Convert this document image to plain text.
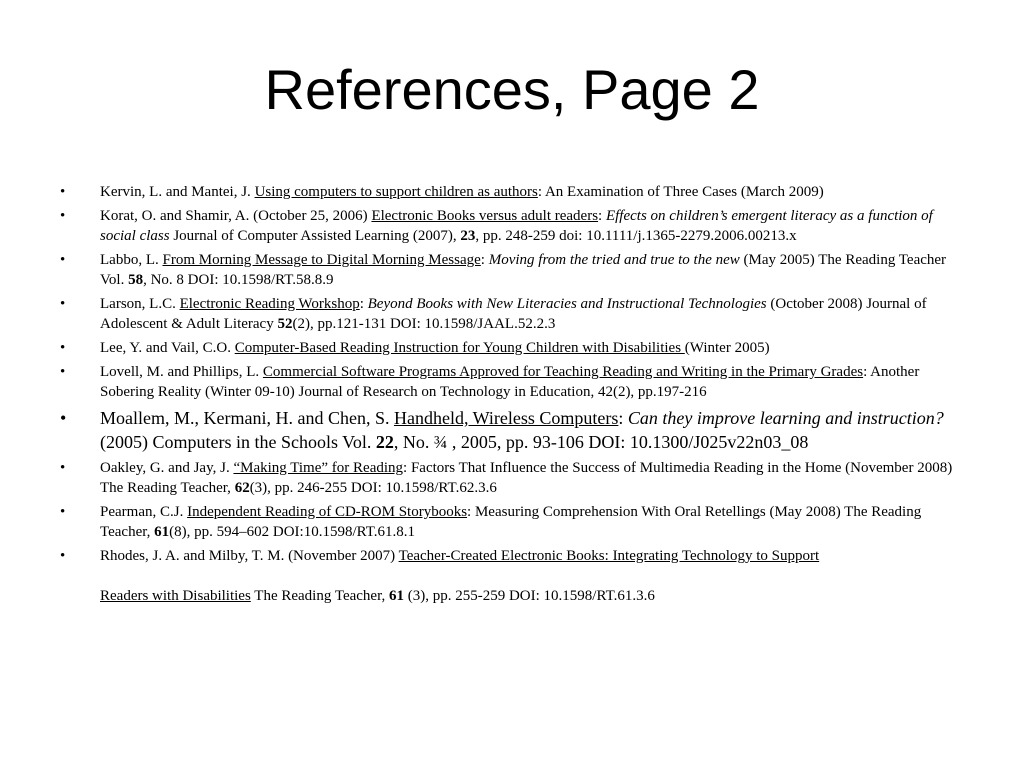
References, Page 2
• Kervin, L. and Mantei, J. Using computers to support children as authors: An Examination of Three Cases (March 2009)
• Korat, O. and Shamir, A. (October 25, 2006) Electronic Books versus adult readers: Effects on children’s emergent literacy as a function of social class Journal of Computer Assisted Learning (2007), 23, pp. 248-259 doi: 10.1111/j.1365-2279.2006.00213.x
• Labbo, L. From Morning Message to Digital Morning Message: Moving from the tried and true to the new (May 2005) The Reading Teacher Vol. 58, No. 8 DOI: 10.1598/RT.58.8.9
• Larson, L.C. Electronic Reading Workshop: Beyond Books with New Literacies and Instructional Technologies (October 2008) Journal of Adolescent & Adult Literacy 52(2), pp.121-131 DOI: 10.1598/JAAL.52.2.3
• Lee, Y. and Vail, C.O. Computer-Based Reading Instruction for Young Children with Disabilities (Winter 2005)
• Lovell, M. and Phillips, L. Commercial Software Programs Approved for Teaching Reading and Writing in the Primary Grades: Another Sobering Reality (Winter 09-10) Journal of Research on Technology in Education, 42(2), pp.197-216
• Moallem, M., Kermani, H. and Chen, S. Handheld, Wireless Computers: Can they improve learning and instruction? (2005) Computers in the Schools Vol. 22, No. ¾ , 2005, pp. 93-106 DOI: 10.1300/J025v22n03_08
• Oakley, G. and Jay, J. “Making Time” for Reading: Factors That Influence the Success of Multimedia Reading in the Home (November 2008) The Reading Teacher, 62(3), pp. 246-255 DOI: 10.1598/RT.62.3.6
• Pearman, C.J. Independent Reading of CD-ROM Storybooks: Measuring Comprehension With Oral Retellings (May 2008) The Reading Teacher, 61(8), pp. 594–602 DOI:10.1598/RT.61.8.1
• Rhodes, J. A. and Milby, T. M. (November 2007) Teacher-Created Electronic Books: Integrating Technology to Support
Readers with Disabilities The Reading Teacher, 61 (3), pp. 255-259 DOI: 10.1598/RT.61.3.6
